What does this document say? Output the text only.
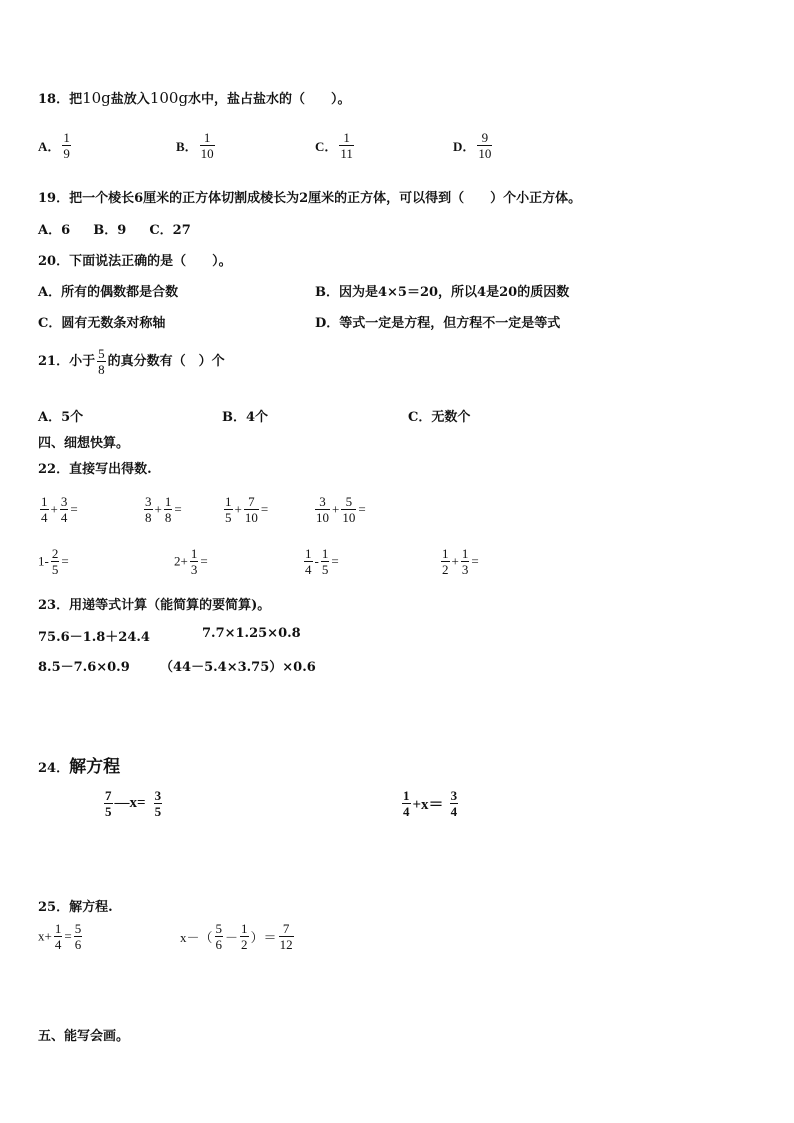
18．把10g盐放入100g水中，盐占盐水的（　　）。
A． $\frac{1}{9}$	B． $\frac{1}{10}$	C． $\frac{1}{11}$	D． $\frac{9}{10}$
19．把一个棱长6厘米的正方体切割成棱长为2厘米的正方体，可以得到（　　）个小正方体。
A．6 B．9 C．27
20．下面说法正确的是（　　）。
A．所有的偶数都是合数	B．因为是4×5＝20，所以4是20的质因数
C．圆有无数条对称轴	D．等式一定是方程，但方程不一定是等式
21．小于 $\frac{5}{8}$ 的真分数有（　）个
A．5个	B．4个	C．无数个
四、细想快算。
22．直接写出得数.
$\frac{1}{4} + \frac{3}{4}$ =	$\frac{3}{8} + \frac{1}{8}$ =	$\frac{1}{5} + \frac{7}{10}$ =	$\frac{3}{10} + \frac{5}{10}$ =
$1- \frac{2}{5}$ =	$2+ \frac{1}{3}$ =	$\frac{1}{4} - \frac{1}{5}$ =	$\frac{1}{2} + \frac{1}{3}$ =
23．用递等式计算（能简算的要简算)。
75.6－1.8＋24.4	7.7×1.25×0.8
8.5－7.6×0.9 （44－5.4×3.75）×0.6
24．解方程
$\frac{7}{5}$ —x= $\frac{3}{5}$	$\frac{1}{4} +x= \frac{3}{4}$
25．解方程.
$x+ \frac{1}{4} = \frac{5}{6}$	$x-( \frac{5}{6} - \frac{1}{2}$ ）＝ $\frac{7}{12}$
五、能写会画。
